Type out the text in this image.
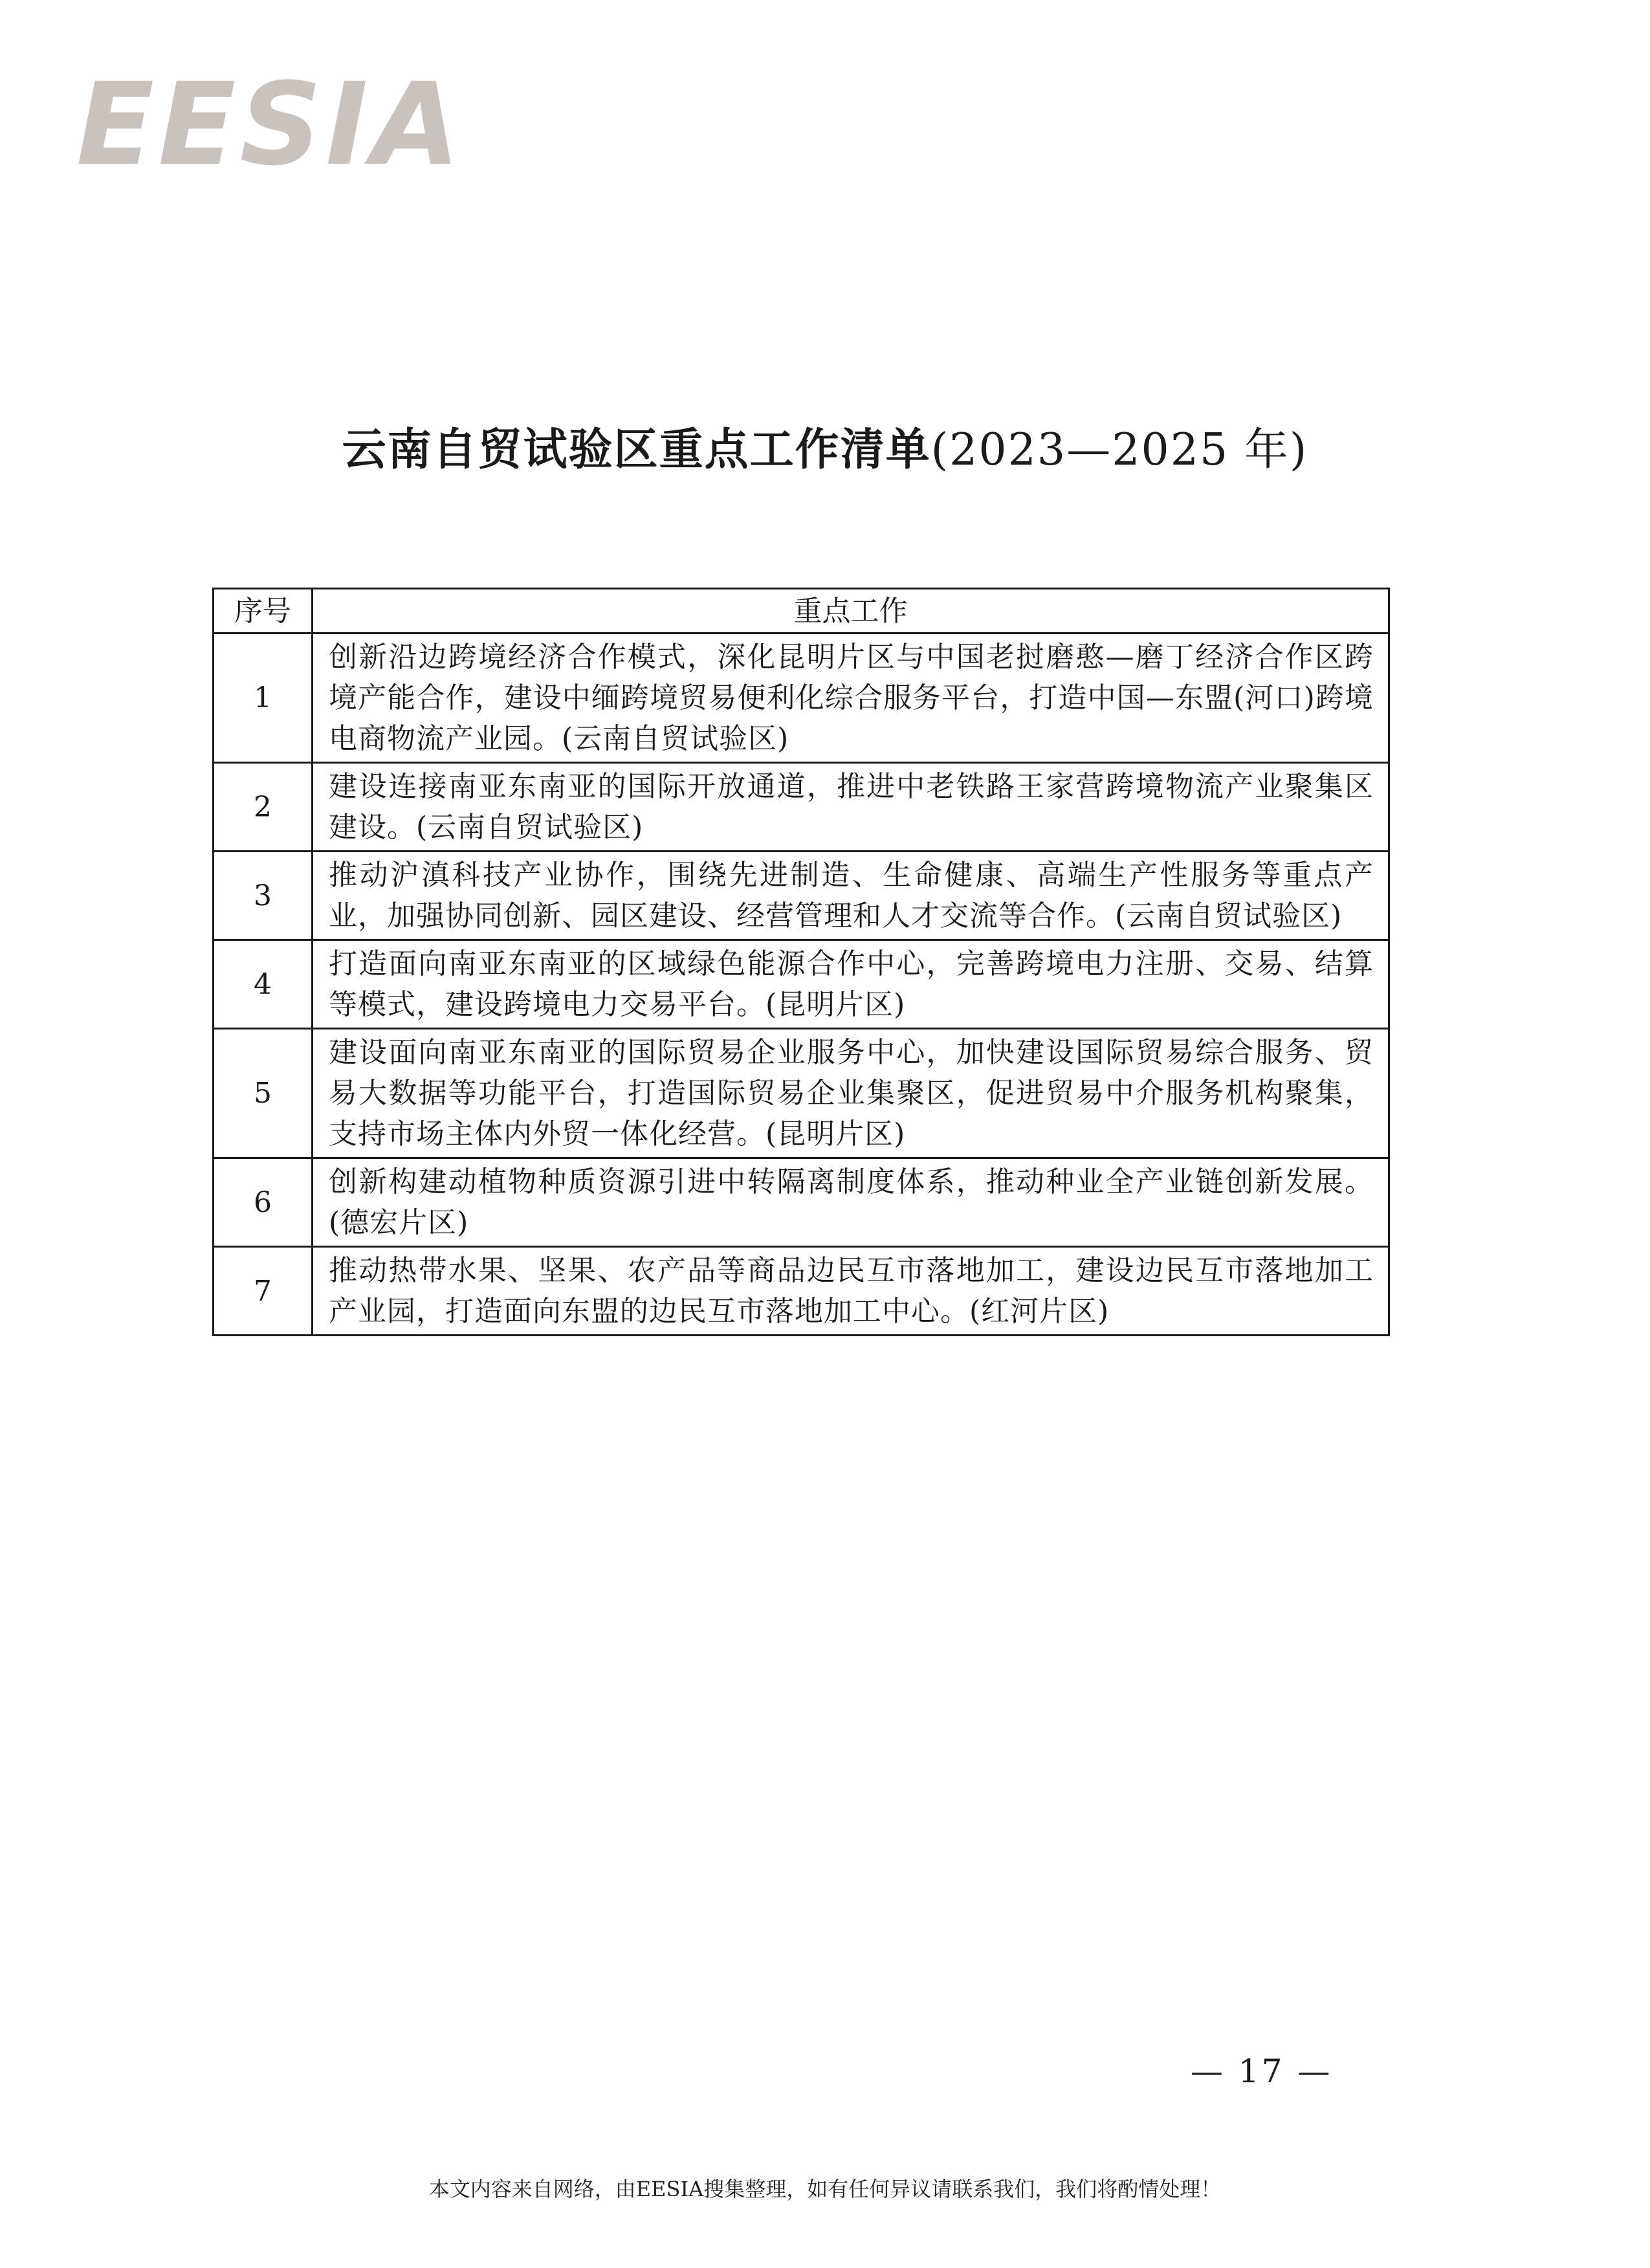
EESIA
云南自贸试验区重点工作清单(2023—2025 年)
序号	重点工作
1	创新沿边跨境经济合作模式，深化昆明片区与中国老挝磨憨—磨丁经济合作区跨境产能合作，建设中缅跨境贸易便利化综合服务平台，打造中国—东盟(河口)跨境电商物流产业园。(云南自贸试验区)
2	建设连接南亚东南亚的国际开放通道，推进中老铁路王家营跨境物流产业聚集区建设。(云南自贸试验区)
3	推动沪滇科技产业协作，围绕先进制造、生命健康、高端生产性服务等重点产业，加强协同创新、园区建设、经营管理和人才交流等合作。(云南自贸试验区)
4	打造面向南亚东南亚的区域绿色能源合作中心，完善跨境电力注册、交易、结算等模式，建设跨境电力交易平台。(昆明片区)
5	建设面向南亚东南亚的国际贸易企业服务中心，加快建设国际贸易综合服务、贸易大数据等功能平台，打造国际贸易企业集聚区，促进贸易中介服务机构聚集，支持市场主体内外贸一体化经营。(昆明片区)
6	创新构建动植物种质资源引进中转隔离制度体系，推动种业全产业链创新发展。(德宏片区)
7	推动热带水果、坚果、农产品等商品边民互市落地加工，建设边民互市落地加工产业园，打造面向东盟的边民互市落地加工中心。(红河片区)
— 17 —
本文内容来自网络，由EESIA搜集整理，如有任何异议请联系我们，我们将酌情处理！
